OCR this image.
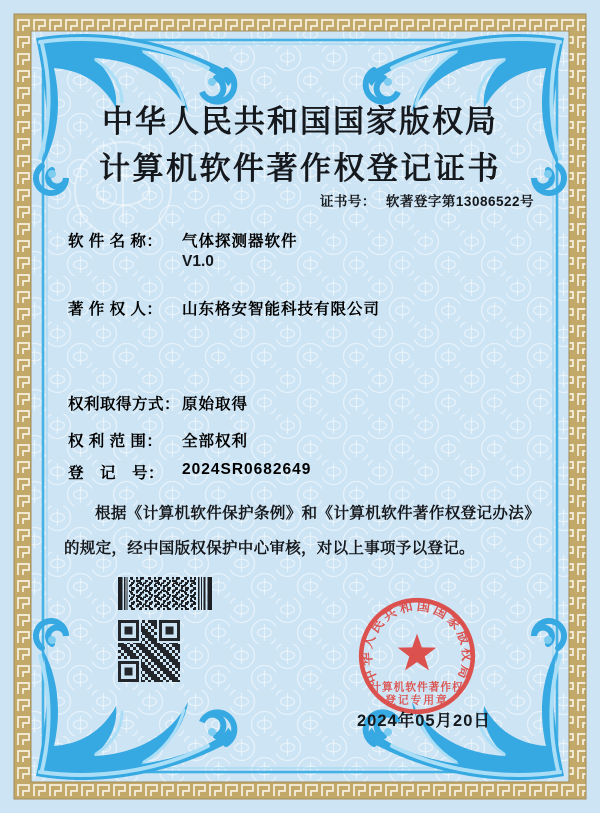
中华人民共和国国家版权局
计算机软件著作权登记证书
证书号： 软著登字第13086522号
软 件 名 称：	气体探测器软件
V1.0
著 作 权 人：	山东格安智能科技有限公司
权利取得方式： 原始取得
权 利 范 围：	全部权利
登　记　号：	2024SR0682649
根据《计算机软件保护条例》和《计算机软件著作权登记办法》的规定，经中国版权保护中心审核，对以上事项予以登记。
中华人民共和国国家版权局
计算机软件著作权
登记专用章
2024年05月20日
